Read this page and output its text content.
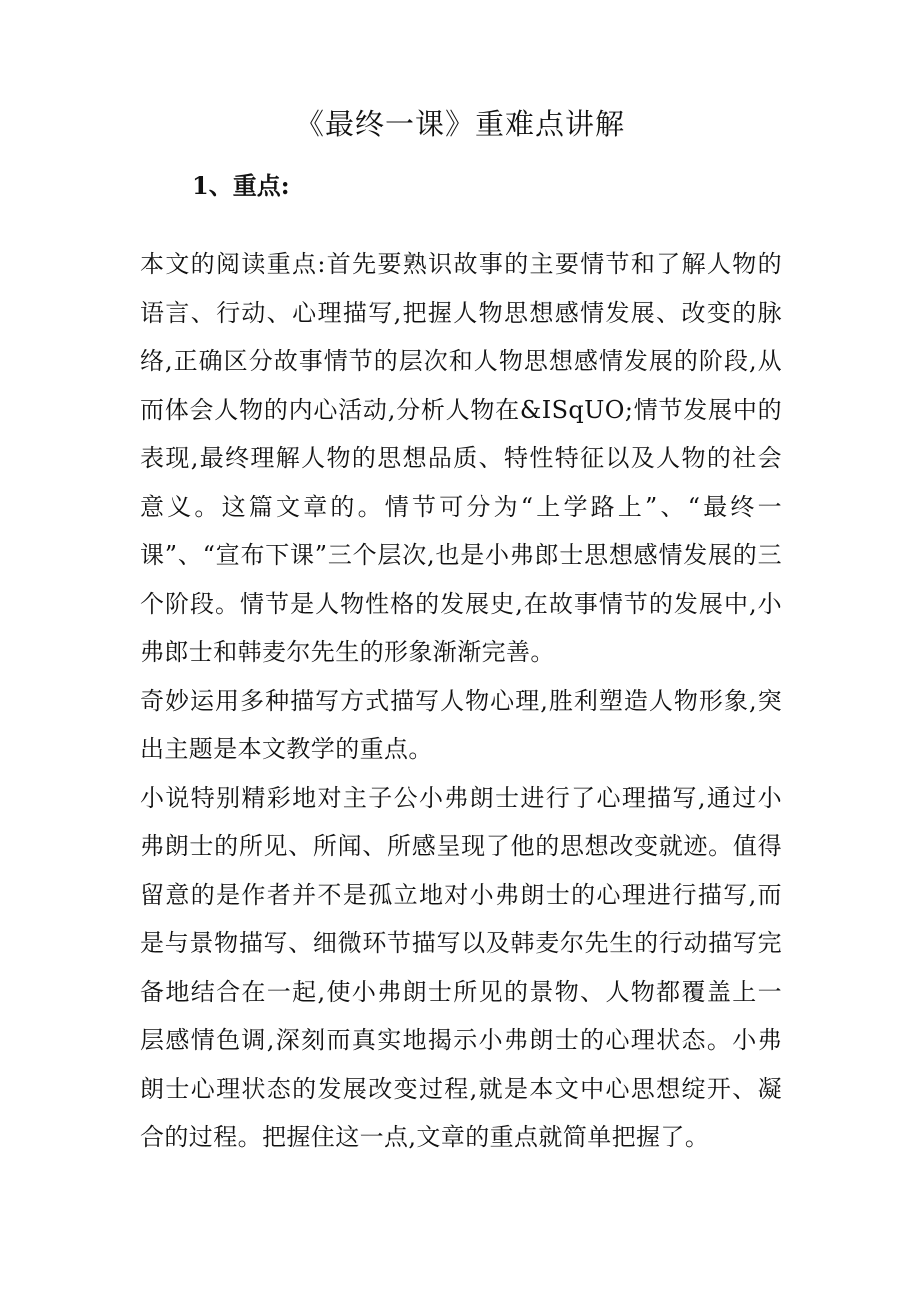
《最终一课》重难点讲解
1、重点:

本文的阅读重点:首先要熟识故事的主要情节和了解人物的语言、行动、心理描写,把握人物思想感情发展、改变的脉络,正确区分故事情节的层次和人物思想感情发展的阶段,从而体会人物的内心活动,分析人物在&ISqUO;情节发展中的表现,最终理解人物的思想品质、特性特征以及人物的社会意义。这篇文章的。情节可分为“上学路上”、“最终一课”、“宣布下课”三个层次,也是小弗郎士思想感情发展的三个阶段。情节是人物性格的发展史,在故事情节的发展中,小弗郎士和韩麦尔先生的形象渐渐完善。

奇妙运用多种描写方式描写人物心理,胜利塑造人物形象,突出主题是本文教学的重点。

小说特别精彩地对主子公小弗朗士进行了心理描写,通过小弗朗士的所见、所闻、所感呈现了他的思想改变就迹。值得留意的是作者并不是孤立地对小弗朗士的心理进行描写,而是与景物描写、细微环节描写以及韩麦尔先生的行动描写完备地结合在一起,使小弗朗士所见的景物、人物都覆盖上一层感情色调,深刻而真实地揭示小弗朗士的心理状态。小弗朗士心理状态的发展改变过程,就是本文中心思想绽开、凝合的过程。把握住这一点,文章的重点就简单把握了。
